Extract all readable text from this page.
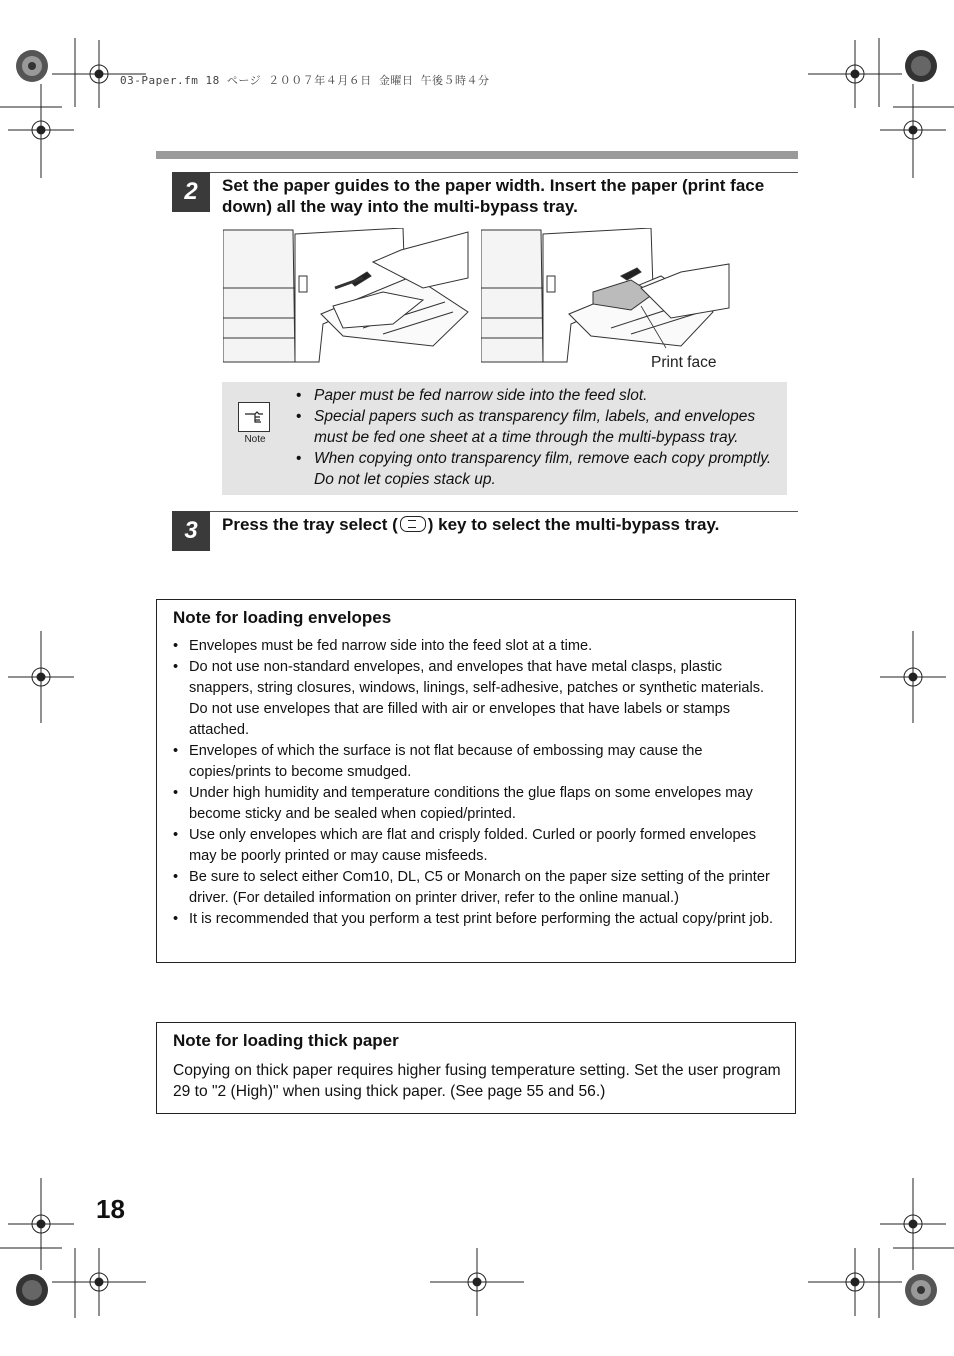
03-Paper.fm 18 ページ ２００７年４月６日 金曜日 午後５時４分
2	Set the paper guides to the paper width. Insert the paper (print face down) all the way into the multi-bypass tray.
Print face
Note
• Paper must be fed narrow side into the feed slot.
• Special papers such as transparency film, labels, and envelopes must be fed one sheet at a time through the multi-bypass tray.
• When copying onto transparency film, remove each copy promptly. Do not let copies stack up.
3	Press the tray select ( ) key to select the multi-bypass tray.
Note for loading envelopes
• Envelopes must be fed narrow side into the feed slot at a time.
• Do not use non-standard envelopes, and envelopes that have metal clasps, plastic snappers, string closures, windows, linings, self-adhesive, patches or synthetic materials. Do not use envelopes that are filled with air or envelopes that have labels or stamps attached.
• Envelopes of which the surface is not flat because of embossing may cause the copies/prints to become smudged.
• Under high humidity and temperature conditions the glue flaps on some envelopes may become sticky and be sealed when copied/printed.
• Use only envelopes which are flat and crisply folded. Curled or poorly formed envelopes may be poorly printed or may cause misfeeds.
• Be sure to select either Com10, DL, C5 or Monarch on the paper size setting of the printer driver. (For detailed information on printer driver, refer to the online manual.)
• It is recommended that you perform a test print before performing the actual copy/print job.
Note for loading thick paper
Copying on thick paper requires higher fusing temperature setting. Set the user program 29 to "2 (High)" when using thick paper. (See page 55 and 56.)
18
